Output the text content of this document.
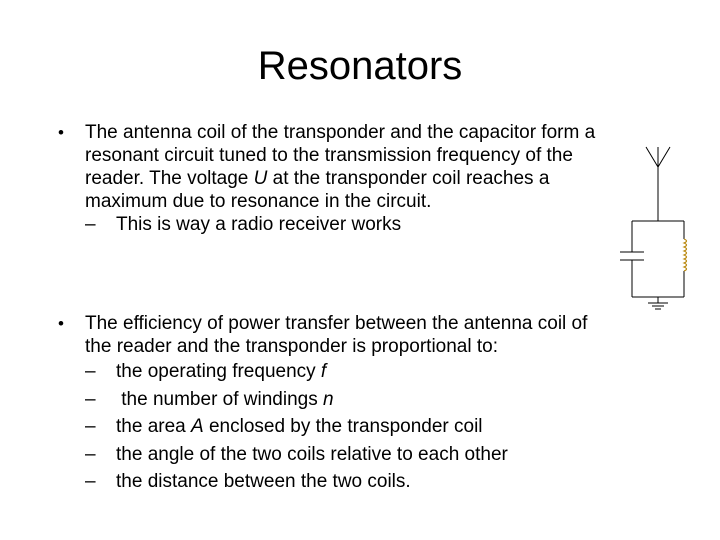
Resonators
•	The antenna coil of the transponder and the capacitor form a resonant circuit tuned to the transmission frequency of the reader. The voltage U at the transponder coil reaches a maximum due to resonance in the circuit.
– This is way a radio receiver works
•	The efficiency of power transfer between the antenna coil of the reader and the transponder is proportional to:
– the operating frequency f
– the number of windings n
– the area A enclosed by the transponder coil
– the angle of the two coils relative to each other
– the distance between the two coils.
